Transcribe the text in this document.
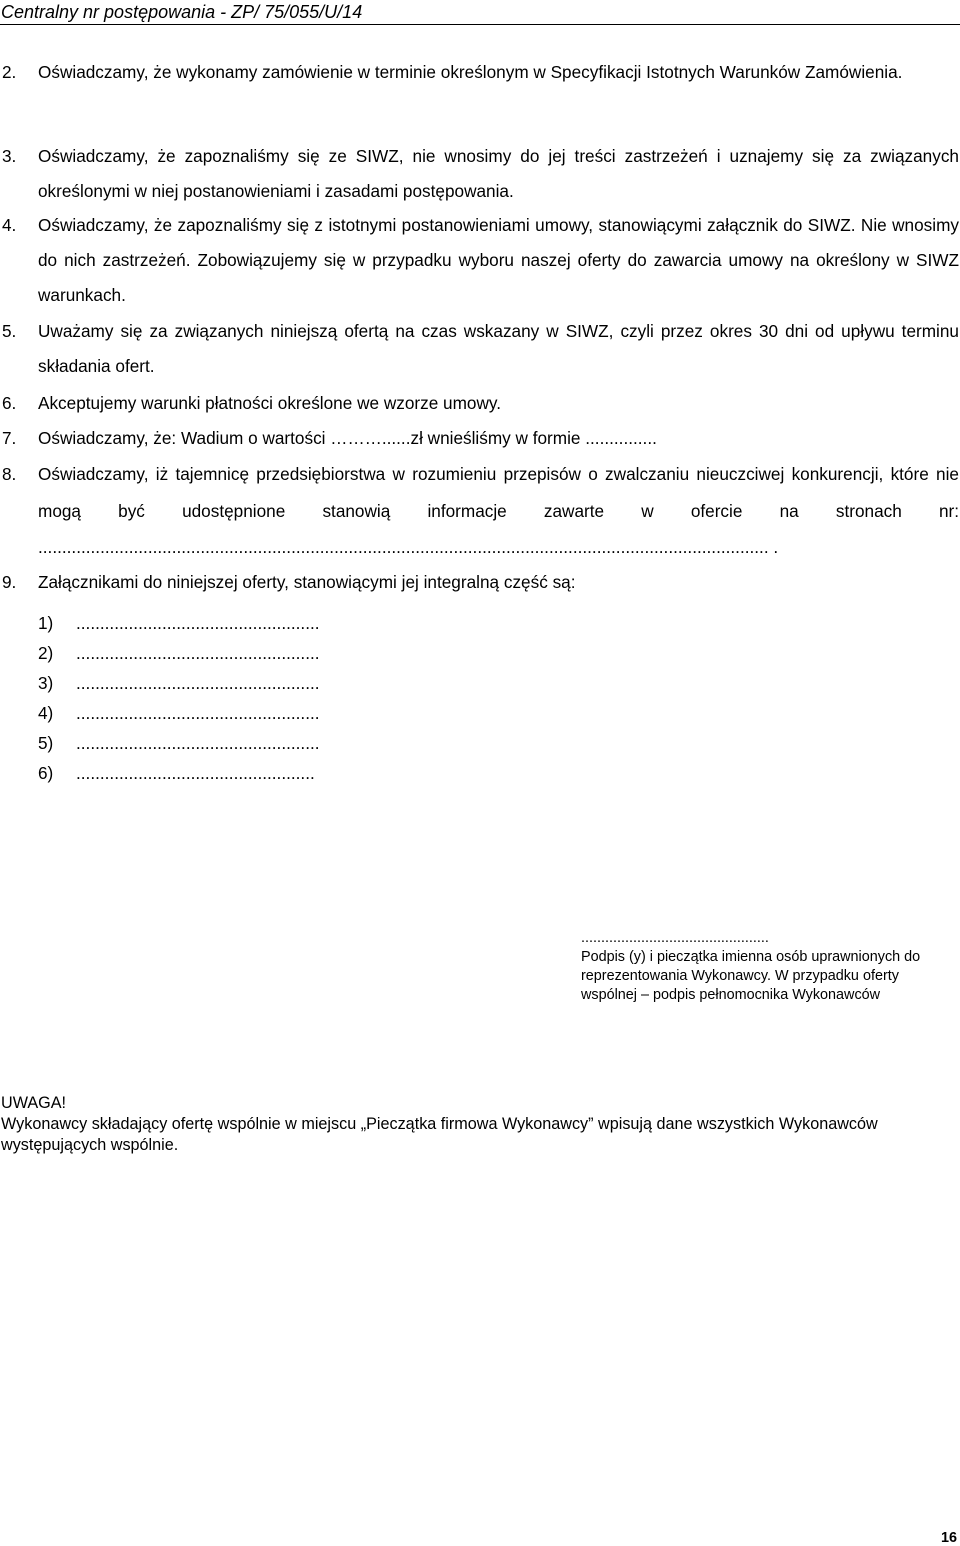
Centralny nr postępowania - ZP/ 75/055/U/14
2. Oświadczamy, że wykonamy zamówienie w terminie określonym w Specyfikacji Istotnych Warunków Zamówienia.
3. Oświadczamy, że zapoznaliśmy się ze SIWZ, nie wnosimy do jej treści zastrzeżeń i uznajemy się za związanych określonymi w niej postanowieniami i zasadami postępowania.
4. Oświadczamy, że zapoznaliśmy się z istotnymi postanowieniami umowy, stanowiącymi załącznik do SIWZ. Nie wnosimy do nich zastrzeżeń. Zobowiązujemy się w przypadku wyboru naszej oferty do zawarcia umowy na określony w SIWZ warunkach.
5. Uważamy się za związanych niniejszą ofertą na czas wskazany w SIWZ, czyli przez okres 30 dni od upływu terminu składania ofert.
6. Akceptujemy warunki płatności określone we wzorze umowy.
7. Oświadczamy, że: Wadium o wartości ………......zł wnieśliśmy w formie ...............
8. Oświadczamy, iż tajemnicę przedsiębiorstwa w rozumieniu przepisów o zwalczaniu nieuczciwej konkurencji, które nie mogą być udostępnione stanowią informacje zawarte w ofercie na stronach nr:
......................................................................................................................................................... .
9. Załącznikami do niniejszej oferty, stanowiącymi jej integralną część są:
1) ...................................................
2) ...................................................
3) ...................................................
4) ...................................................
5) ...................................................
6) ..................................................
...............................................
Podpis (y) i pieczątka imienna osób uprawnionych do reprezentowania Wykonawcy. W przypadku oferty wspólnej – podpis pełnomocnika Wykonawców
UWAGA!
Wykonawcy składający ofertę wspólnie w miejscu „Pieczątka firmowa Wykonawcy” wpisują dane wszystkich Wykonawców występujących wspólnie.
16
